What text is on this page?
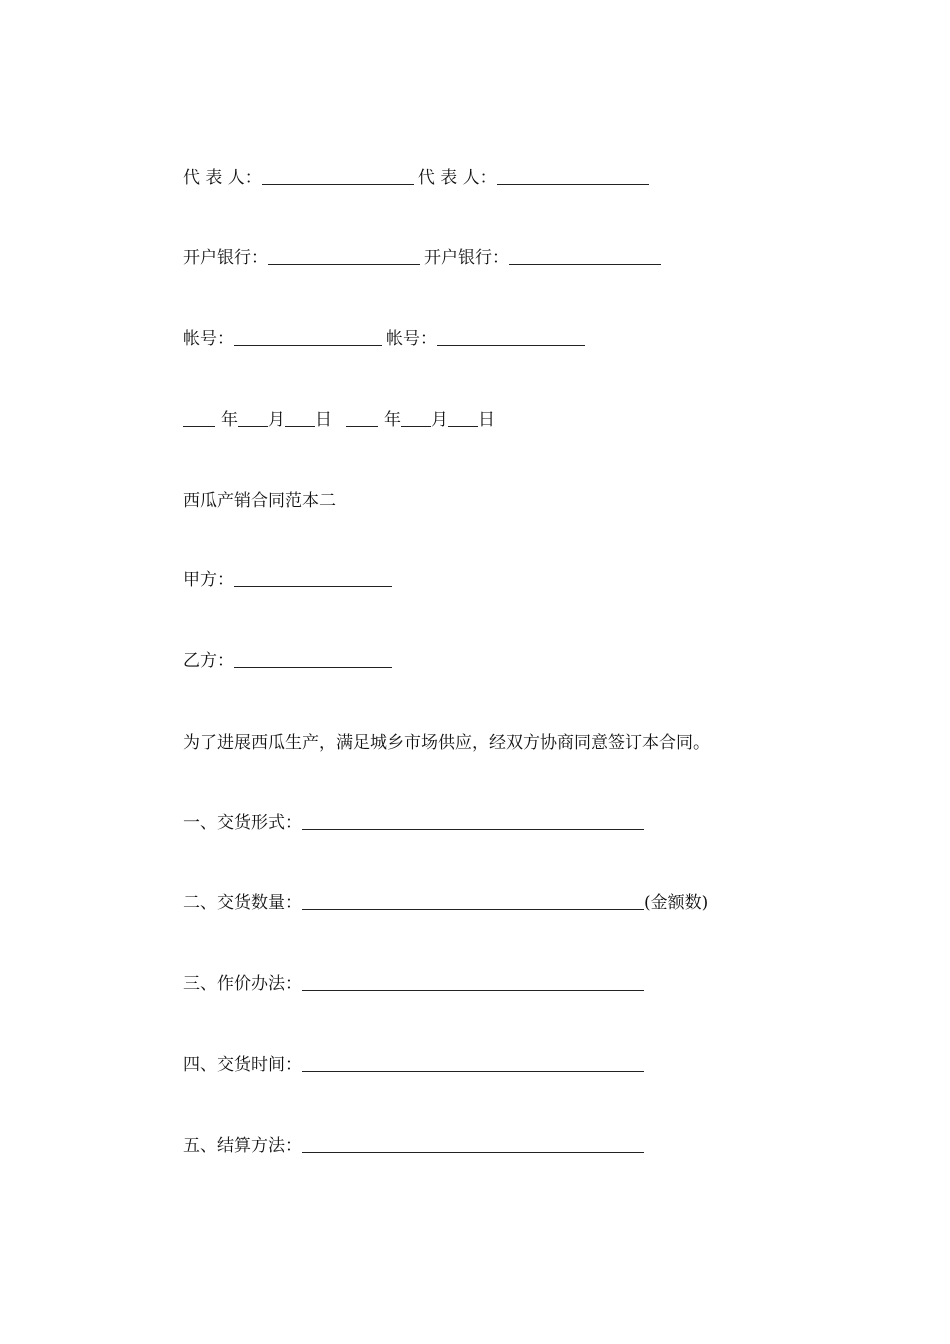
代 表 人：	代 表 人：
开户银行：	开户银行：
帐号：	帐号：
年 月 日	年 月 日
西瓜产销合同范本二
甲方：
乙方：
为了进展西瓜生产，满足城乡市场供应，经双方协商同意签订本合同。
一、交货形式：
二、交货数量：	(金额数)
三、作价办法：
四、交货时间：
五、结算方法：
